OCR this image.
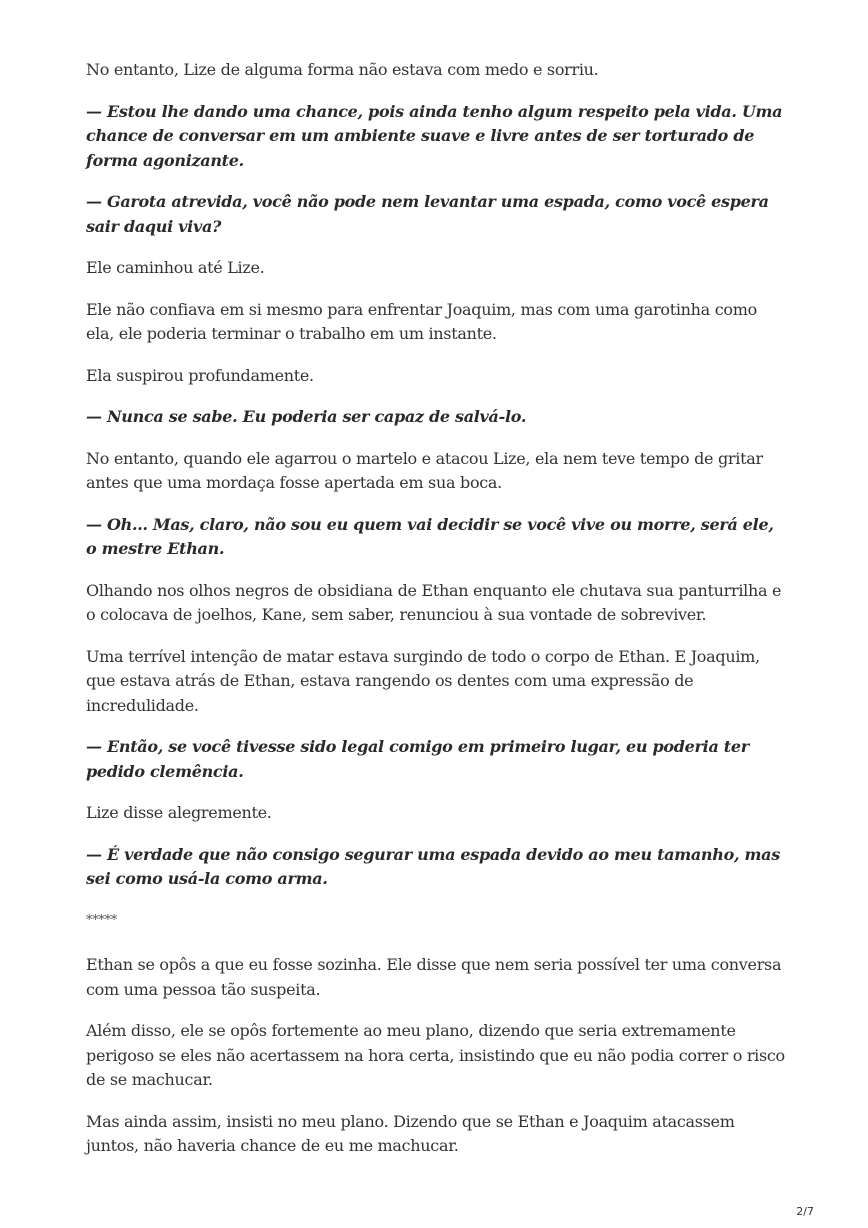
No entanto, Lize de alguma forma não estava com medo e sorriu.

— Estou lhe dando uma chance, pois ainda tenho algum respeito pela vida. Uma chance de conversar em um ambiente suave e livre antes de ser torturado de forma agonizante.

— Garota atrevida, você não pode nem levantar uma espada, como você espera sair daqui viva?

Ele caminhou até Lize.

Ele não confiava em si mesmo para enfrentar Joaquim, mas com uma garotinha como ela, ele poderia terminar o trabalho em um instante.

Ela suspirou profundamente.

— Nunca se sabe. Eu poderia ser capaz de salvá-lo.

No entanto, quando ele agarrou o martelo e atacou Lize, ela nem teve tempo de gritar antes que uma mordaça fosse apertada em sua boca.

— Oh… Mas, claro, não sou eu quem vai decidir se você vive ou morre, será ele, o mestre Ethan.

Olhando nos olhos negros de obsidiana de Ethan enquanto ele chutava sua panturrilha e o colocava de joelhos, Kane, sem saber, renunciou à sua vontade de sobreviver.

Uma terrível intenção de matar estava surgindo de todo o corpo de Ethan. E Joaquim, que estava atrás de Ethan, estava rangendo os dentes com uma expressão de incredulidade.

— Então, se você tivesse sido legal comigo em primeiro lugar, eu poderia ter pedido clemência.

Lize disse alegremente.

— É verdade que não consigo segurar uma espada devido ao meu tamanho, mas sei como usá-la como arma.

*****

Ethan se opôs a que eu fosse sozinha. Ele disse que nem seria possível ter uma conversa com uma pessoa tão suspeita.

Além disso, ele se opôs fortemente ao meu plano, dizendo que seria extremamente perigoso se eles não acertassem na hora certa, insistindo que eu não podia correr o risco de se machucar.

Mas ainda assim, insisti no meu plano. Dizendo que se Ethan e Joaquim atacassem juntos, não haveria chance de eu me machucar.

2/7
